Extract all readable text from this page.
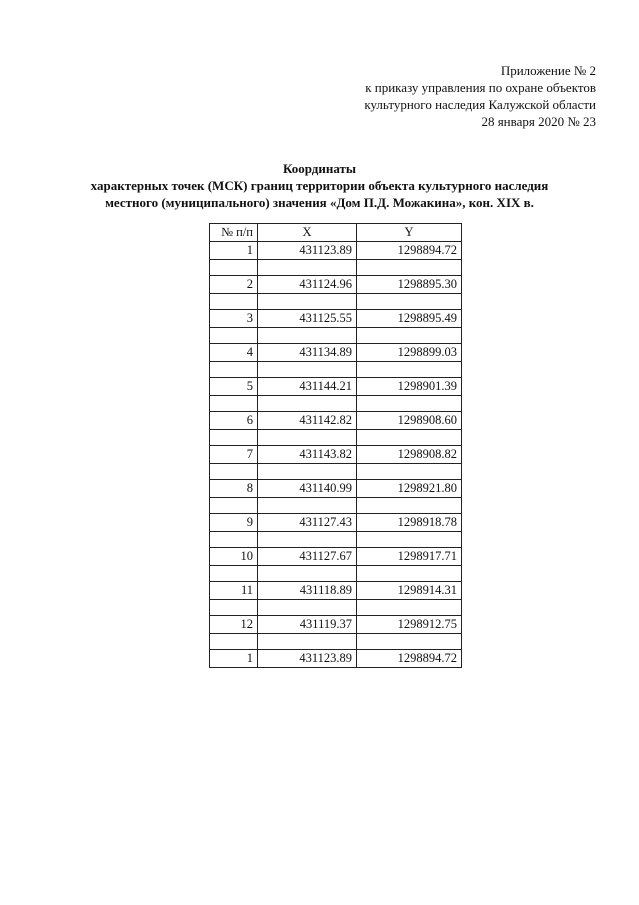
Приложение № 2
к приказу управления по охране объектов
культурного наследия Калужской области
28 января 2020 № 23
Координаты
характерных точек (МСК) границ территории объекта культурного наследия
местного (муниципального) значения «Дом П.Д. Можакина», кон. XIX в.
№ п/п	X	Y
1	431123.89	1298894.72

2	431124.96	1298895.30

3	431125.55	1298895.49

4	431134.89	1298899.03

5	431144.21	1298901.39

6	431142.82	1298908.60

7	431143.82	1298908.82

8	431140.99	1298921.80

9	431127.43	1298918.78

10	431127.67	1298917.71

11	431118.89	1298914.31

12	431119.37	1298912.75

1	431123.89	1298894.72
